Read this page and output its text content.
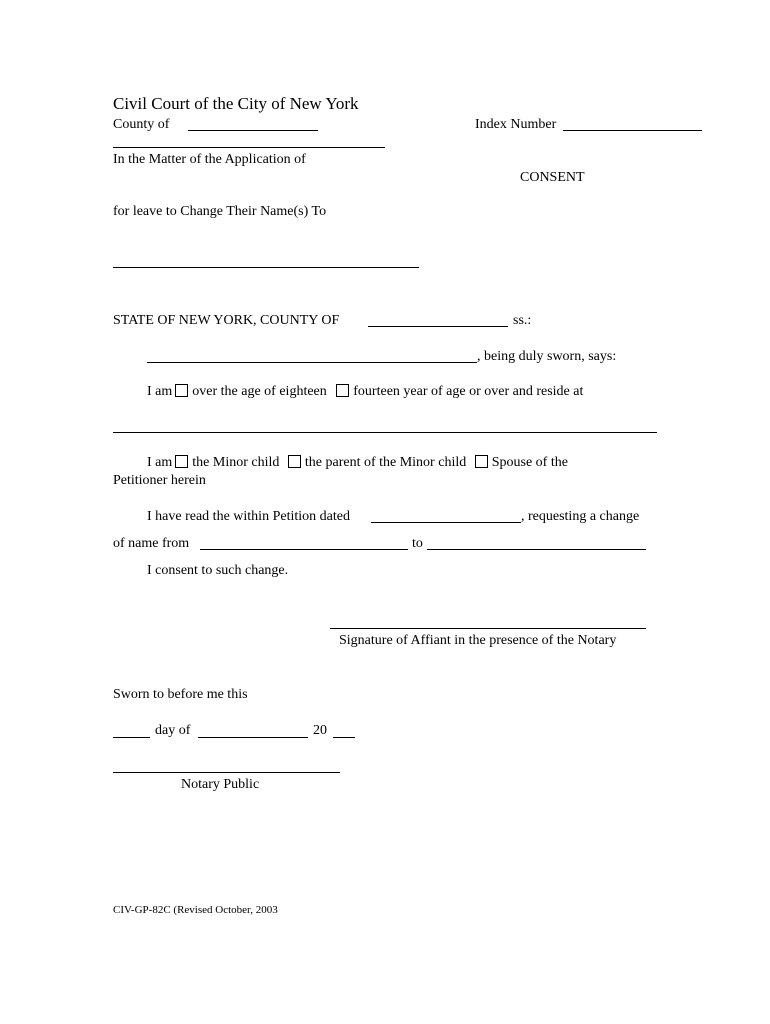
Civil Court of the City of New York
County of	Index Number
In the Matter of the Application of
CONSENT
for leave to Change Their Name(s) To
STATE OF NEW YORK, COUNTY OF	ss.:
, being duly sworn, says:
I am over the age of eighteen fourteen year of age or over and reside at
I am the Minor child the parent of the Minor child Spouse of the
Petitioner herein
I have read the within Petition dated	, requesting a change
of name from	to
I consent to such change.
Signature of Affiant in the presence of the Notary
Sworn to before me this
day of	20
Notary Public
CIV-GP-82C (Revised October, 2003
